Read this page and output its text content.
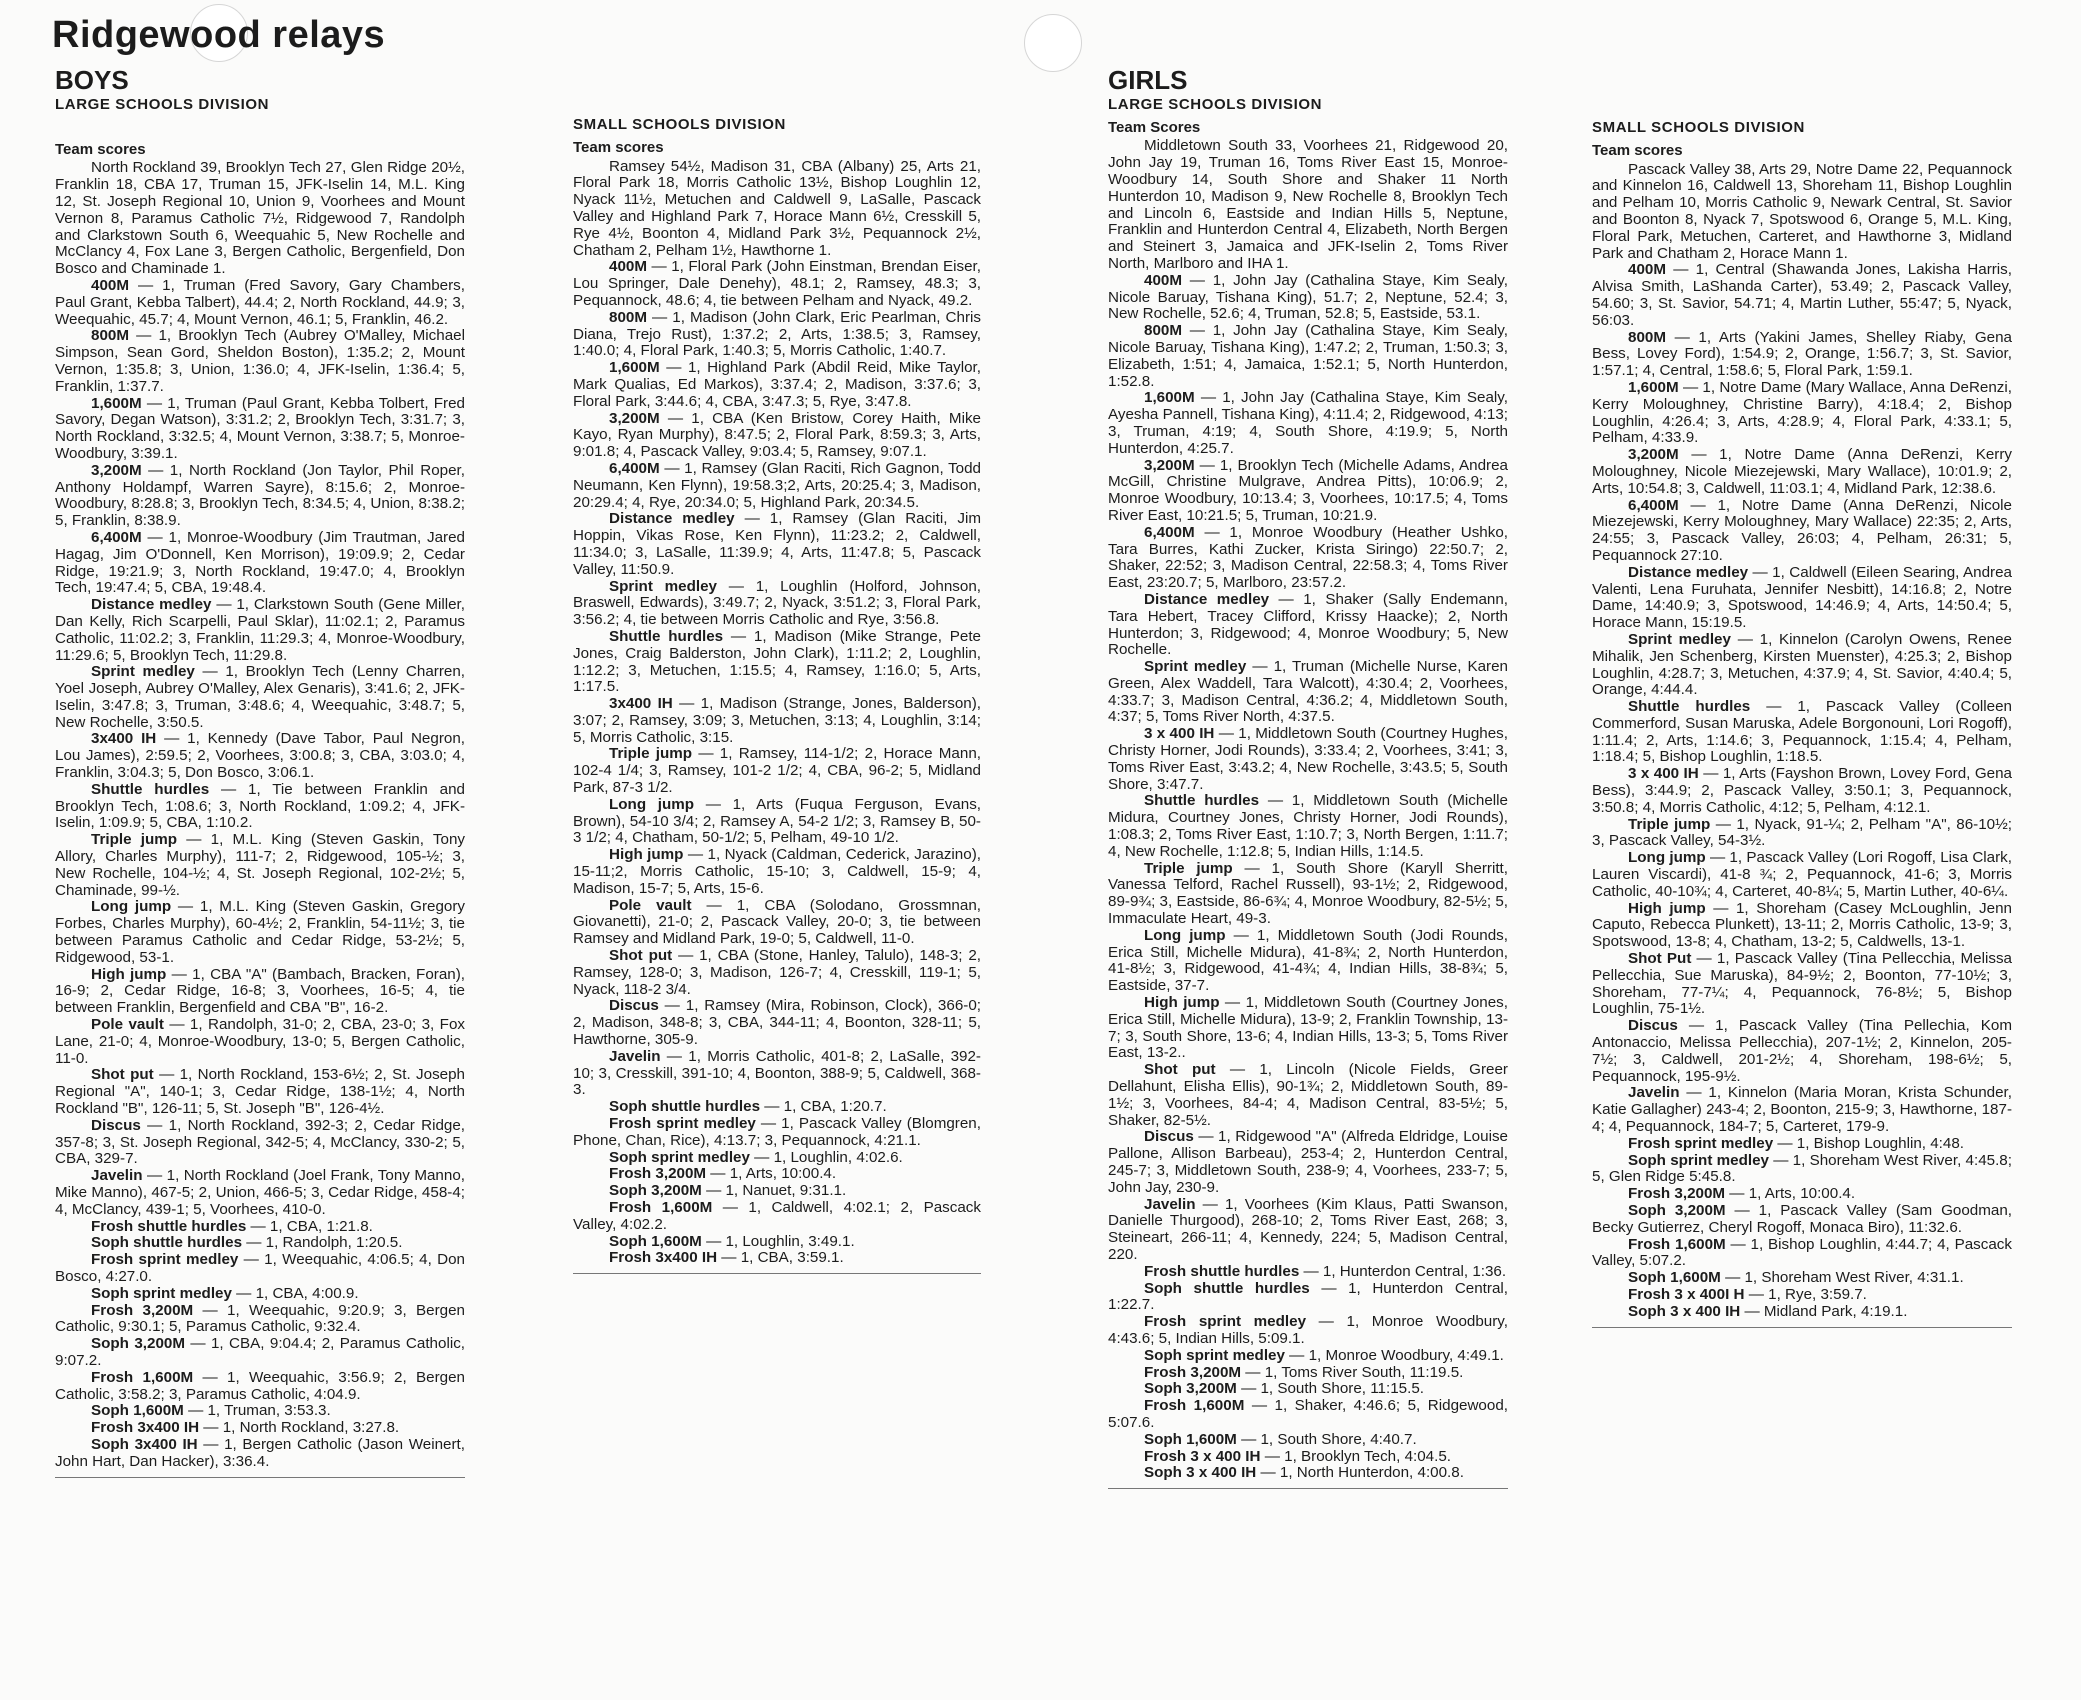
Ridgewood relays
BOYS
LARGE SCHOOLS DIVISION
Team scores

North Rockland 39, Brooklyn Tech 27, Glen Ridge 20½, Franklin 18, CBA 17, Truman 15, JFK-Iselin 14, M.L. King 12, St. Joseph Regional 10, Union 9, Voorhees and Mount Vernon 8, Paramus Catholic 7½, Ridgewood 7, Randolph and Clarkstown South 6, Weequahic 5, New Rochelle and McClancy 4, Fox Lane 3, Bergen Catholic, Bergenfield, Don Bosco and Chaminade 1.

400M — 1, Truman (Fred Savory, Gary Chambers, Paul Grant, Kebba Talbert), 44.4; 2, North Rockland, 44.9; 3, Weequahic, 45.7; 4, Mount Vernon, 46.1; 5, Franklin, 46.2.

800M — 1, Brooklyn Tech (Aubrey O'Malley, Michael Simpson, Sean Gord, Sheldon Boston), 1:35.2; 2, Mount Vernon, 1:35.8; 3, Union, 1:36.0; 4, JFK-Iselin, 1:36.4; 5, Franklin, 1:37.7.

1,600M — 1, Truman (Paul Grant, Kebba Tolbert, Fred Savory, Degan Watson), 3:31.2; 2, Brooklyn Tech, 3:31.7; 3, North Rockland, 3:32.5; 4, Mount Vernon, 3:38.7; 5, Monroe-Woodbury, 3:39.1.

3,200M — 1, North Rockland (Jon Taylor, Phil Roper, Anthony Holdampf, Warren Sayre), 8:15.6; 2, Monroe-Woodbury, 8:28.8; 3, Brooklyn Tech, 8:34.5; 4, Union, 8:38.2; 5, Franklin, 8:38.9.

6,400M — 1, Monroe-Woodbury (Jim Trautman, Jared Hagag, Jim O'Donnell, Ken Morrison), 19:09.9; 2, Cedar Ridge, 19:21.9; 3, North Rockland, 19:47.0; 4, Brooklyn Tech, 19:47.4; 5, CBA, 19:48.4.

Distance medley — 1, Clarkstown South (Gene Miller, Dan Kelly, Rich Scarpelli, Paul Sklar), 11:02.1; 2, Paramus Catholic, 11:02.2; 3, Franklin, 11:29.3; 4, Monroe-Woodbury, 11:29.6; 5, Brooklyn Tech, 11:29.8.

Sprint medley — 1, Brooklyn Tech (Lenny Charren, Yoel Joseph, Aubrey O'Malley, Alex Genaris), 3:41.6; 2, JFK-Iselin, 3:47.8; 3, Truman, 3:48.6; 4, Weequahic, 3:48.7; 5, New Rochelle, 3:50.5.

3x400 IH — 1, Kennedy (Dave Tabor, Paul Negron, Lou James), 2:59.5; 2, Voorhees, 3:00.8; 3, CBA, 3:03.0; 4, Franklin, 3:04.3; 5, Don Bosco, 3:06.1.

Shuttle hurdles — 1, Tie between Franklin and Brooklyn Tech, 1:08.6; 3, North Rockland, 1:09.2; 4, JFK-Iselin, 1:09.9; 5, CBA, 1:10.2.

Triple jump — 1, M.L. King (Steven Gaskin, Tony Allory, Charles Murphy), 111-7; 2, Ridgewood, 105-½; 3, New Rochelle, 104-½; 4, St. Joseph Regional, 102-2½; 5, Chaminade, 99-½.

Long jump — 1, M.L. King (Steven Gaskin, Gregory Forbes, Charles Murphy), 60-4½; 2, Franklin, 54-11½; 3, tie between Paramus Catholic and Cedar Ridge, 53-2½; 5, Ridgewood, 53-1.

High jump — 1, CBA "A" (Bambach, Bracken, Foran), 16-9; 2, Cedar Ridge, 16-8; 3, Voorhees, 16-5; 4, tie between Franklin, Bergenfield and CBA "B", 16-2.

Pole vault — 1, Randolph, 31-0; 2, CBA, 23-0; 3, Fox Lane, 21-0; 4, Monroe-Woodbury, 13-0; 5, Bergen Catholic, 11-0.

Shot put — 1, North Rockland, 153-6½; 2, St. Joseph Regional "A", 140-1; 3, Cedar Ridge, 138-1½; 4, North Rockland "B", 126-11; 5, St. Joseph "B", 126-4½.

Discus — 1, North Rockland, 392-3; 2, Cedar Ridge, 357-8; 3, St. Joseph Regional, 342-5; 4, McClancy, 330-2; 5, CBA, 329-7.

Javelin — 1, North Rockland (Joel Frank, Tony Manno, Mike Manno), 467-5; 2, Union, 466-5; 3, Cedar Ridge, 458-4; 4, McClancy, 439-1; 5, Voorhees, 410-0.

Frosh shuttle hurdles — 1, CBA, 1:21.8.

Soph shuttle hurdles — 1, Randolph, 1:20.5.

Frosh sprint medley — 1, Weequahic, 4:06.5; 4, Don Bosco, 4:27.0.

Soph sprint medley — 1, CBA, 4:00.9.

Frosh 3,200M — 1, Weequahic, 9:20.9; 3, Bergen Catholic, 9:30.1; 5, Paramus Catholic, 9:32.4.

Soph 3,200M — 1, CBA, 9:04.4; 2, Paramus Catholic, 9:07.2.

Frosh 1,600M — 1, Weequahic, 3:56.9; 2, Bergen Catholic, 3:58.2; 3, Paramus Catholic, 4:04.9.

Soph 1,600M — 1, Truman, 3:53.3.

Frosh 3x400 IH — 1, North Rockland, 3:27.8.

Soph 3x400 IH — 1, Bergen Catholic (Jason Weinert, John Hart, Dan Hacker), 3:36.4.

SMALL SCHOOLS DIVISION
Team scores

Ramsey 54½, Madison 31, CBA (Albany) 25, Arts 21, Floral Park 18, Morris Catholic 13½, Bishop Loughlin 12, Nyack 11½, Metuchen and Caldwell 9, LaSalle, Pascack Valley and Highland Park 7, Horace Mann 6½, Cresskill 5, Rye 4½, Boonton 4, Midland Park 3½, Pequannock 2½, Chatham 2, Pelham 1½, Hawthorne 1.

400M — 1, Floral Park (John Einstman, Brendan Eiser, Lou Springer, Dale Denehy), 48.1; 2, Ramsey, 48.3; 3, Pequannock, 48.6; 4, tie between Pelham and Nyack, 49.2.

800M — 1, Madison (John Clark, Eric Pearlman, Chris Diana, Trejo Rust), 1:37.2; 2, Arts, 1:38.5; 3, Ramsey, 1:40.0; 4, Floral Park, 1:40.3; 5, Morris Catholic, 1:40.7.

1,600M — 1, Highland Park (Abdil Reid, Mike Taylor, Mark Qualias, Ed Markos), 3:37.4; 2, Madison, 3:37.6; 3, Floral Park, 3:44.6; 4, CBA, 3:47.3; 5, Rye, 3:47.8.

3,200M — 1, CBA (Ken Bristow, Corey Haith, Mike Kayo, Ryan Murphy), 8:47.5; 2, Floral Park, 8:59.3; 3, Arts, 9:01.8; 4, Pascack Valley, 9:03.4; 5, Ramsey, 9:07.1.

6,400M — 1, Ramsey (Glan Raciti, Rich Gagnon, Todd Neumann, Ken Flynn), 19:58.3;2, Arts, 20:25.4; 3, Madison, 20:29.4; 4, Rye, 20:34.0; 5, Highland Park, 20:34.5.

Distance medley — 1, Ramsey (Glan Raciti, Jim Hoppin, Vikas Rose, Ken Flynn), 11:23.2; 2, Caldwell, 11:34.0; 3, LaSalle, 11:39.9; 4, Arts, 11:47.8; 5, Pascack Valley, 11:50.9.

Sprint medley — 1, Loughlin (Holford, Johnson, Braswell, Edwards), 3:49.7; 2, Nyack, 3:51.2; 3, Floral Park, 3:56.2; 4, tie between Morris Catholic and Rye, 3:56.8.

Shuttle hurdles — 1, Madison (Mike Strange, Pete Jones, Craig Balderston, John Clark), 1:11.2; 2, Loughlin, 1:12.2; 3, Metuchen, 1:15.5; 4, Ramsey, 1:16.0; 5, Arts, 1:17.5.

3x400 IH — 1, Madison (Strange, Jones, Balderson), 3:07; 2, Ramsey, 3:09; 3, Metuchen, 3:13; 4, Loughlin, 3:14; 5, Morris Catholic, 3:15.

Triple jump — 1, Ramsey, 114-1/2; 2, Horace Mann, 102-4 1/4; 3, Ramsey, 101-2 1/2; 4, CBA, 96-2; 5, Midland Park, 87-3 1/2.

Long jump — 1, Arts (Fuqua Ferguson, Evans, Brown), 54-10 3/4; 2, Ramsey A, 54-2 1/2; 3, Ramsey B, 50-3 1/2; 4, Chatham, 50-1/2; 5, Pelham, 49-10 1/2.

High jump — 1, Nyack (Caldman, Cederick, Jarazino), 15-11;2, Morris Catholic, 15-10; 3, Caldwell, 15-9; 4, Madison, 15-7; 5, Arts, 15-6.

Pole vault — 1, CBA (Solodano, Grossmnan, Giovanetti), 21-0; 2, Pascack Valley, 20-0; 3, tie between Ramsey and Midland Park, 19-0; 5, Caldwell, 11-0.

Shot put — 1, CBA (Stone, Hanley, Talulo), 148-3; 2, Ramsey, 128-0; 3, Madison, 126-7; 4, Cresskill, 119-1; 5, Nyack, 118-2 3/4.

Discus — 1, Ramsey (Mira, Robinson, Clock), 366-0; 2, Madison, 348-8; 3, CBA, 344-11; 4, Boonton, 328-11; 5, Hawthorne, 305-9.

Javelin — 1, Morris Catholic, 401-8; 2, LaSalle, 392-10; 3, Cresskill, 391-10; 4, Boonton, 388-9; 5, Caldwell, 368-3.

Soph shuttle hurdles — 1, CBA, 1:20.7.

Frosh sprint medley — 1, Pascack Valley (Blomgren, Phone, Chan, Rice), 4:13.7; 3, Pequannock, 4:21.1.

Soph sprint medley — 1, Loughlin, 4:02.6.

Frosh 3,200M — 1, Arts, 10:00.4.

Soph 3,200M — 1, Nanuet, 9:31.1.

Frosh 1,600M — 1, Caldwell, 4:02.1; 2, Pascack Valley, 4:02.2.

Soph 1,600M — 1, Loughlin, 3:49.1.

Frosh 3x400 IH — 1, CBA, 3:59.1.

GIRLS
LARGE SCHOOLS DIVISION
Team Scores

Middletown South 33, Voorhees 21, Ridgewood 20, John Jay 19, Truman 16, Toms River East 15, Monroe-Woodbury 14, South Shore and Shaker 11 North Hunterdon 10, Madison 9, New Rochelle 8, Brooklyn Tech and Lincoln 6, Eastside and Indian Hills 5, Neptune, Franklin and Hunterdon Central 4, Elizabeth, North Bergen and Steinert 3, Jamaica and JFK-Iselin 2, Toms River North, Marlboro and IHA 1.

400M — 1, John Jay (Cathalina Staye, Kim Sealy, Nicole Baruay, Tishana King), 51.7; 2, Neptune, 52.4; 3, New Rochelle, 52.6; 4, Truman, 52.8; 5, Eastside, 53.1.

800M — 1, John Jay (Cathalina Staye, Kim Sealy, Nicole Baruay, Tishana King), 1:47.2; 2, Truman, 1:50.3; 3, Elizabeth, 1:51; 4, Jamaica, 1:52.1; 5, North Hunterdon, 1:52.8.

1,600M — 1, John Jay (Cathalina Staye, Kim Sealy, Ayesha Pannell, Tishana King), 4:11.4; 2, Ridgewood, 4:13; 3, Truman, 4:19; 4, South Shore, 4:19.9; 5, North Hunterdon, 4:25.7.

3,200M — 1, Brooklyn Tech (Michelle Adams, Andrea McGill, Christine Mulgrave, Andrea Pitts), 10:06.9; 2, Monroe Woodbury, 10:13.4; 3, Voorhees, 10:17.5; 4, Toms River East, 10:21.5; 5, Truman, 10:21.9.

6,400M — 1, Monroe Woodbury (Heather Ushko, Tara Burres, Kathi Zucker, Krista Siringo) 22:50.7; 2, Shaker, 22:52; 3, Madison Central, 22:58.3; 4, Toms River East, 23:20.7; 5, Marlboro, 23:57.2.

Distance medley — 1, Shaker (Sally Endemann, Tara Hebert, Tracey Clifford, Krissy Haacke); 2, North Hunterdon; 3, Ridgewood; 4, Monroe Woodbury; 5, New Rochelle.

Sprint medley — 1, Truman (Michelle Nurse, Karen Green, Alex Waddell, Tara Walcott), 4:30.4; 2, Voorhees, 4:33.7; 3, Madison Central, 4:36.2; 4, Middletown South, 4:37; 5, Toms River North, 4:37.5.

3 x 400 IH — 1, Middletown South (Courtney Hughes, Christy Horner, Jodi Rounds), 3:33.4; 2, Voorhees, 3:41; 3, Toms River East, 3:43.2; 4, New Rochelle, 3:43.5; 5, South Shore, 3:47.7.

Shuttle hurdles — 1, Middletown South (Michelle Midura, Courtney Jones, Christy Horner, Jodi Rounds), 1:08.3; 2, Toms River East, 1:10.7; 3, North Bergen, 1:11.7; 4, New Rochelle, 1:12.8; 5, Indian Hills, 1:14.5.

Triple jump — 1, South Shore (Karyll Sherritt, Vanessa Telford, Rachel Russell), 93-1½; 2, Ridgewood, 89-9¾; 3, Eastside, 86-6¾; 4, Monroe Woodbury, 82-5½; 5, Immaculate Heart, 49-3.

Long jump — 1, Middletown South (Jodi Rounds, Erica Still, Michelle Midura), 41-8¾; 2, North Hunterdon, 41-8½; 3, Ridgewood, 41-4¾; 4, Indian Hills, 38-8¾; 5, Eastside, 37-7.

High jump — 1, Middletown South (Courtney Jones, Erica Still, Michelle Midura), 13-9; 2, Franklin Township, 13-7; 3, South Shore, 13-6; 4, Indian Hills, 13-3; 5, Toms River East, 13-2..

Shot put — 1, Lincoln (Nicole Fields, Greer Dellahunt, Elisha Ellis), 90-1¾; 2, Middletown South, 89-1½; 3, Voorhees, 84-4; 4, Madison Central, 83-5½; 5, Shaker, 82-5½.

Discus — 1, Ridgewood "A" (Alfreda Eldridge, Louise Pallone, Allison Barbeau), 253-4; 2, Hunterdon Central, 245-7; 3, Middletown South, 238-9; 4, Voorhees, 233-7; 5, John Jay, 230-9.

Javelin — 1, Voorhees (Kim Klaus, Patti Swanson, Danielle Thurgood), 268-10; 2, Toms River East, 268; 3, Steineart, 266-11; 4, Kennedy, 224; 5, Madison Central, 220.

Frosh shuttle hurdles — 1, Hunterdon Central, 1:36.

Soph shuttle hurdles — 1, Hunterdon Central, 1:22.7.

Frosh sprint medley — 1, Monroe Woodbury, 4:43.6; 5, Indian Hills, 5:09.1.

Soph sprint medley — 1, Monroe Woodbury, 4:49.1.

Frosh 3,200M — 1, Toms River South, 11:19.5.

Soph 3,200M — 1, South Shore, 11:15.5.

Frosh 1,600M — 1, Shaker, 4:46.6; 5, Ridgewood, 5:07.6.

Soph 1,600M — 1, South Shore, 4:40.7.

Frosh 3 x 400 IH — 1, Brooklyn Tech, 4:04.5.

Soph 3 x 400 IH — 1, North Hunterdon, 4:00.8.

SMALL SCHOOLS DIVISION
Team scores

Pascack Valley 38, Arts 29, Notre Dame 22, Pequannock and Kinnelon 16, Caldwell 13, Shoreham 11, Bishop Loughlin and Pelham 10, Morris Catholic 9, Newark Central, St. Savior and Boonton 8, Nyack 7, Spotswood 6, Orange 5, M.L. King, Floral Park, Metuchen, Carteret, and Hawthorne 3, Midland Park and Chatham 2, Horace Mann 1.

400M — 1, Central (Shawanda Jones, Lakisha Harris, Alvisa Smith, LaShanda Carter), 53.49; 2, Pascack Valley, 54.60; 3, St. Savior, 54.71; 4, Martin Luther, 55:47; 5, Nyack, 56:03.

800M — 1, Arts (Yakini James, Shelley Riaby, Gena Bess, Lovey Ford), 1:54.9; 2, Orange, 1:56.7; 3, St. Savior, 1:57.1; 4, Central, 1:58.6; 5, Floral Park, 1:59.1.

1,600M — 1, Notre Dame (Mary Wallace, Anna DeRenzi, Kerry Moloughney, Christine Barry), 4:18.4; 2, Bishop Loughlin, 4:26.4; 3, Arts, 4:28.9; 4, Floral Park, 4:33.1; 5, Pelham, 4:33.9.

3,200M — 1, Notre Dame (Anna DeRenzi, Kerry Moloughney, Nicole Miezejewski, Mary Wallace), 10:01.9; 2, Arts, 10:54.8; 3, Caldwell, 11:03.1; 4, Midland Park, 12:38.6.

6,400M — 1, Notre Dame (Anna DeRenzi, Nicole Miezejewski, Kerry Moloughney, Mary Wallace) 22:35; 2, Arts, 24:55; 3, Pascack Valley, 26:03; 4, Pelham, 26:31; 5, Pequannock 27:10.

Distance medley — 1, Caldwell (Eileen Searing, Andrea Valenti, Lena Furuhata, Jennifer Nesbitt), 14:16.8; 2, Notre Dame, 14:40.9; 3, Spotswood, 14:46.9; 4, Arts, 14:50.4; 5, Horace Mann, 15:19.5.

Sprint medley — 1, Kinnelon (Carolyn Owens, Renee Mihalik, Jen Schenberg, Kirsten Muenster), 4:25.3; 2, Bishop Loughlin, 4:28.7; 3, Metuchen, 4:37.9; 4, St. Savior, 4:40.4; 5, Orange, 4:44.4.

Shuttle hurdles — 1, Pascack Valley (Colleen Commerford, Susan Maruska, Adele Borgonouni, Lori Rogoff), 1:11.4; 2, Arts, 1:14.6; 3, Pequannock, 1:15.4; 4, Pelham, 1:18.4; 5, Bishop Loughlin, 1:18.5.

3 x 400 IH — 1, Arts (Fayshon Brown, Lovey Ford, Gena Bess), 3:44.9; 2, Pascack Valley, 3:50.1; 3, Pequannock, 3:50.8; 4, Morris Catholic, 4:12; 5, Pelham, 4:12.1.

Triple jump — 1, Nyack, 91-¼; 2, Pelham "A", 86-10½; 3, Pascack Valley, 54-3½.

Long jump — 1, Pascack Valley (Lori Rogoff, Lisa Clark, Lauren Viscardi), 41-8 ¾; 2, Pequannock, 41-6; 3, Morris Catholic, 40-10¾; 4, Carteret, 40-8¼; 5, Martin Luther, 40-6¼.

High jump — 1, Shoreham (Casey McLoughlin, Jenn Caputo, Rebecca Plunkett), 13-11; 2, Morris Catholic, 13-9; 3, Spotswood, 13-8; 4, Chatham, 13-2; 5, Caldwells, 13-1.

Shot Put — 1, Pascack Valley (Tina Pellecchia, Melissa Pellecchia, Sue Maruska), 84-9½; 2, Boonton, 77-10½; 3, Shoreham, 77-7¼; 4, Pequannock, 76-8½; 5, Bishop Loughlin, 75-1½.

Discus — 1, Pascack Valley (Tina Pellechia, Kom Antonaccio, Melissa Pellecchia), 207-1½; 2, Kinnelon, 205-7½; 3, Caldwell, 201-2½; 4, Shoreham, 198-6½; 5, Pequannock, 195-9½.

Javelin — 1, Kinnelon (Maria Moran, Krista Schunder, Katie Gallagher) 243-4; 2, Boonton, 215-9; 3, Hawthorne, 187-4; 4, Pequannock, 184-7; 5, Carteret, 179-9.

Frosh sprint medley — 1, Bishop Loughlin, 4:48.

Soph sprint medley — 1, Shoreham West River, 4:45.8; 5, Glen Ridge 5:45.8.

Frosh 3,200M — 1, Arts, 10:00.4.

Soph 3,200M — 1, Pascack Valley (Sam Goodman, Becky Gutierrez, Cheryl Rogoff, Monaca Biro), 11:32.6.

Frosh 1,600M — 1, Bishop Loughlin, 4:44.7; 4, Pascack Valley, 5:07.2.

Soph 1,600M — 1, Shoreham West River, 4:31.1.

Frosh 3 x 400I H — 1, Rye, 3:59.7.

Soph 3 x 400 IH — Midland Park, 4:19.1.
